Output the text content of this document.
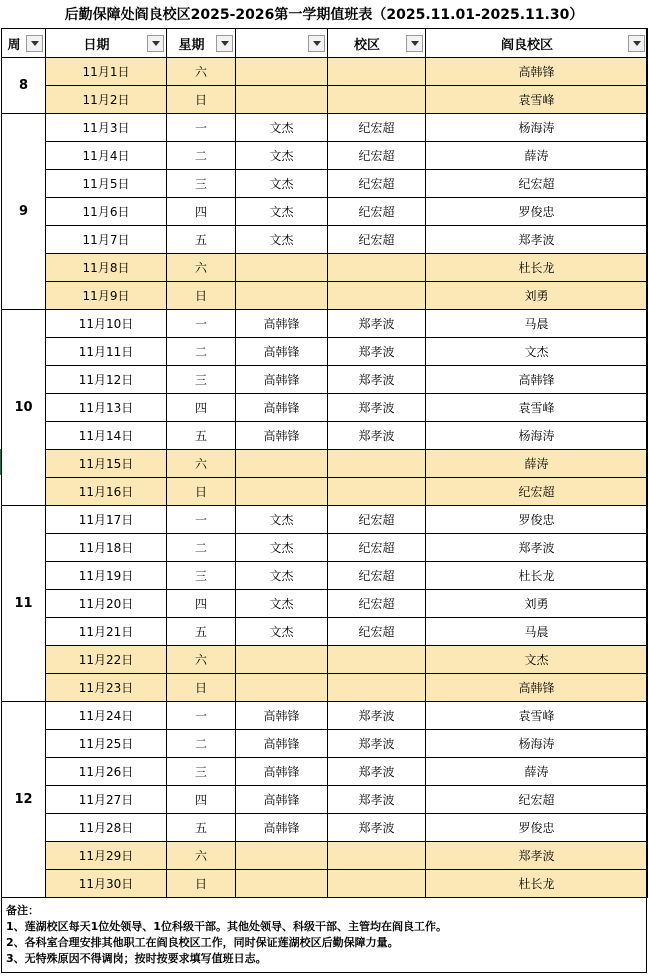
后勤保障处阎良校区2025-2026第一学期值班表（2025.11.01-2025.11.30）
周	日期	星期		校区	阎良校区

8	11月1日	六			高韩锋
	11月2日	日			袁雪峰
9	11月3日	一	文杰	纪宏超	杨海涛
	11月4日	二	文杰	纪宏超	薛涛
	11月5日	三	文杰	纪宏超	纪宏超
	11月6日	四	文杰	纪宏超	罗俊忠
	11月7日	五	文杰	纪宏超	郑孝波
	11月8日	六			杜长龙
	11月9日	日			刘勇
10	11月10日	一	高韩锋	郑孝波	马晨
	11月11日	二	高韩锋	郑孝波	文杰
	11月12日	三	高韩锋	郑孝波	高韩锋
	11月13日	四	高韩锋	郑孝波	袁雪峰
	11月14日	五	高韩锋	郑孝波	杨海涛
	11月15日	六			薛涛
	11月16日	日			纪宏超
11	11月17日	一	文杰	纪宏超	罗俊忠
	11月18日	二	文杰	纪宏超	郑孝波
	11月19日	三	文杰	纪宏超	杜长龙
	11月20日	四	文杰	纪宏超	刘勇
	11月21日	五	文杰	纪宏超	马晨
	11月22日	六			文杰
	11月23日	日			高韩锋
12	11月24日	一	高韩锋	郑孝波	袁雪峰
	11月25日	二	高韩锋	郑孝波	杨海涛
	11月26日	三	高韩锋	郑孝波	薛涛
	11月27日	四	高韩锋	郑孝波	纪宏超
	11月28日	五	高韩锋	郑孝波	罗俊忠
	11月29日	六			郑孝波
	11月30日	日			杜长龙
备注：
1、莲湖校区每天1位处领导、1位科级干部。其他处领导、科级干部、主管均在阎良工作。
2、各科室合理安排其他职工在阎良校区工作，同时保证莲湖校区后勤保障力量。
3、无特殊原因不得调岗；按时按要求填写值班日志。
